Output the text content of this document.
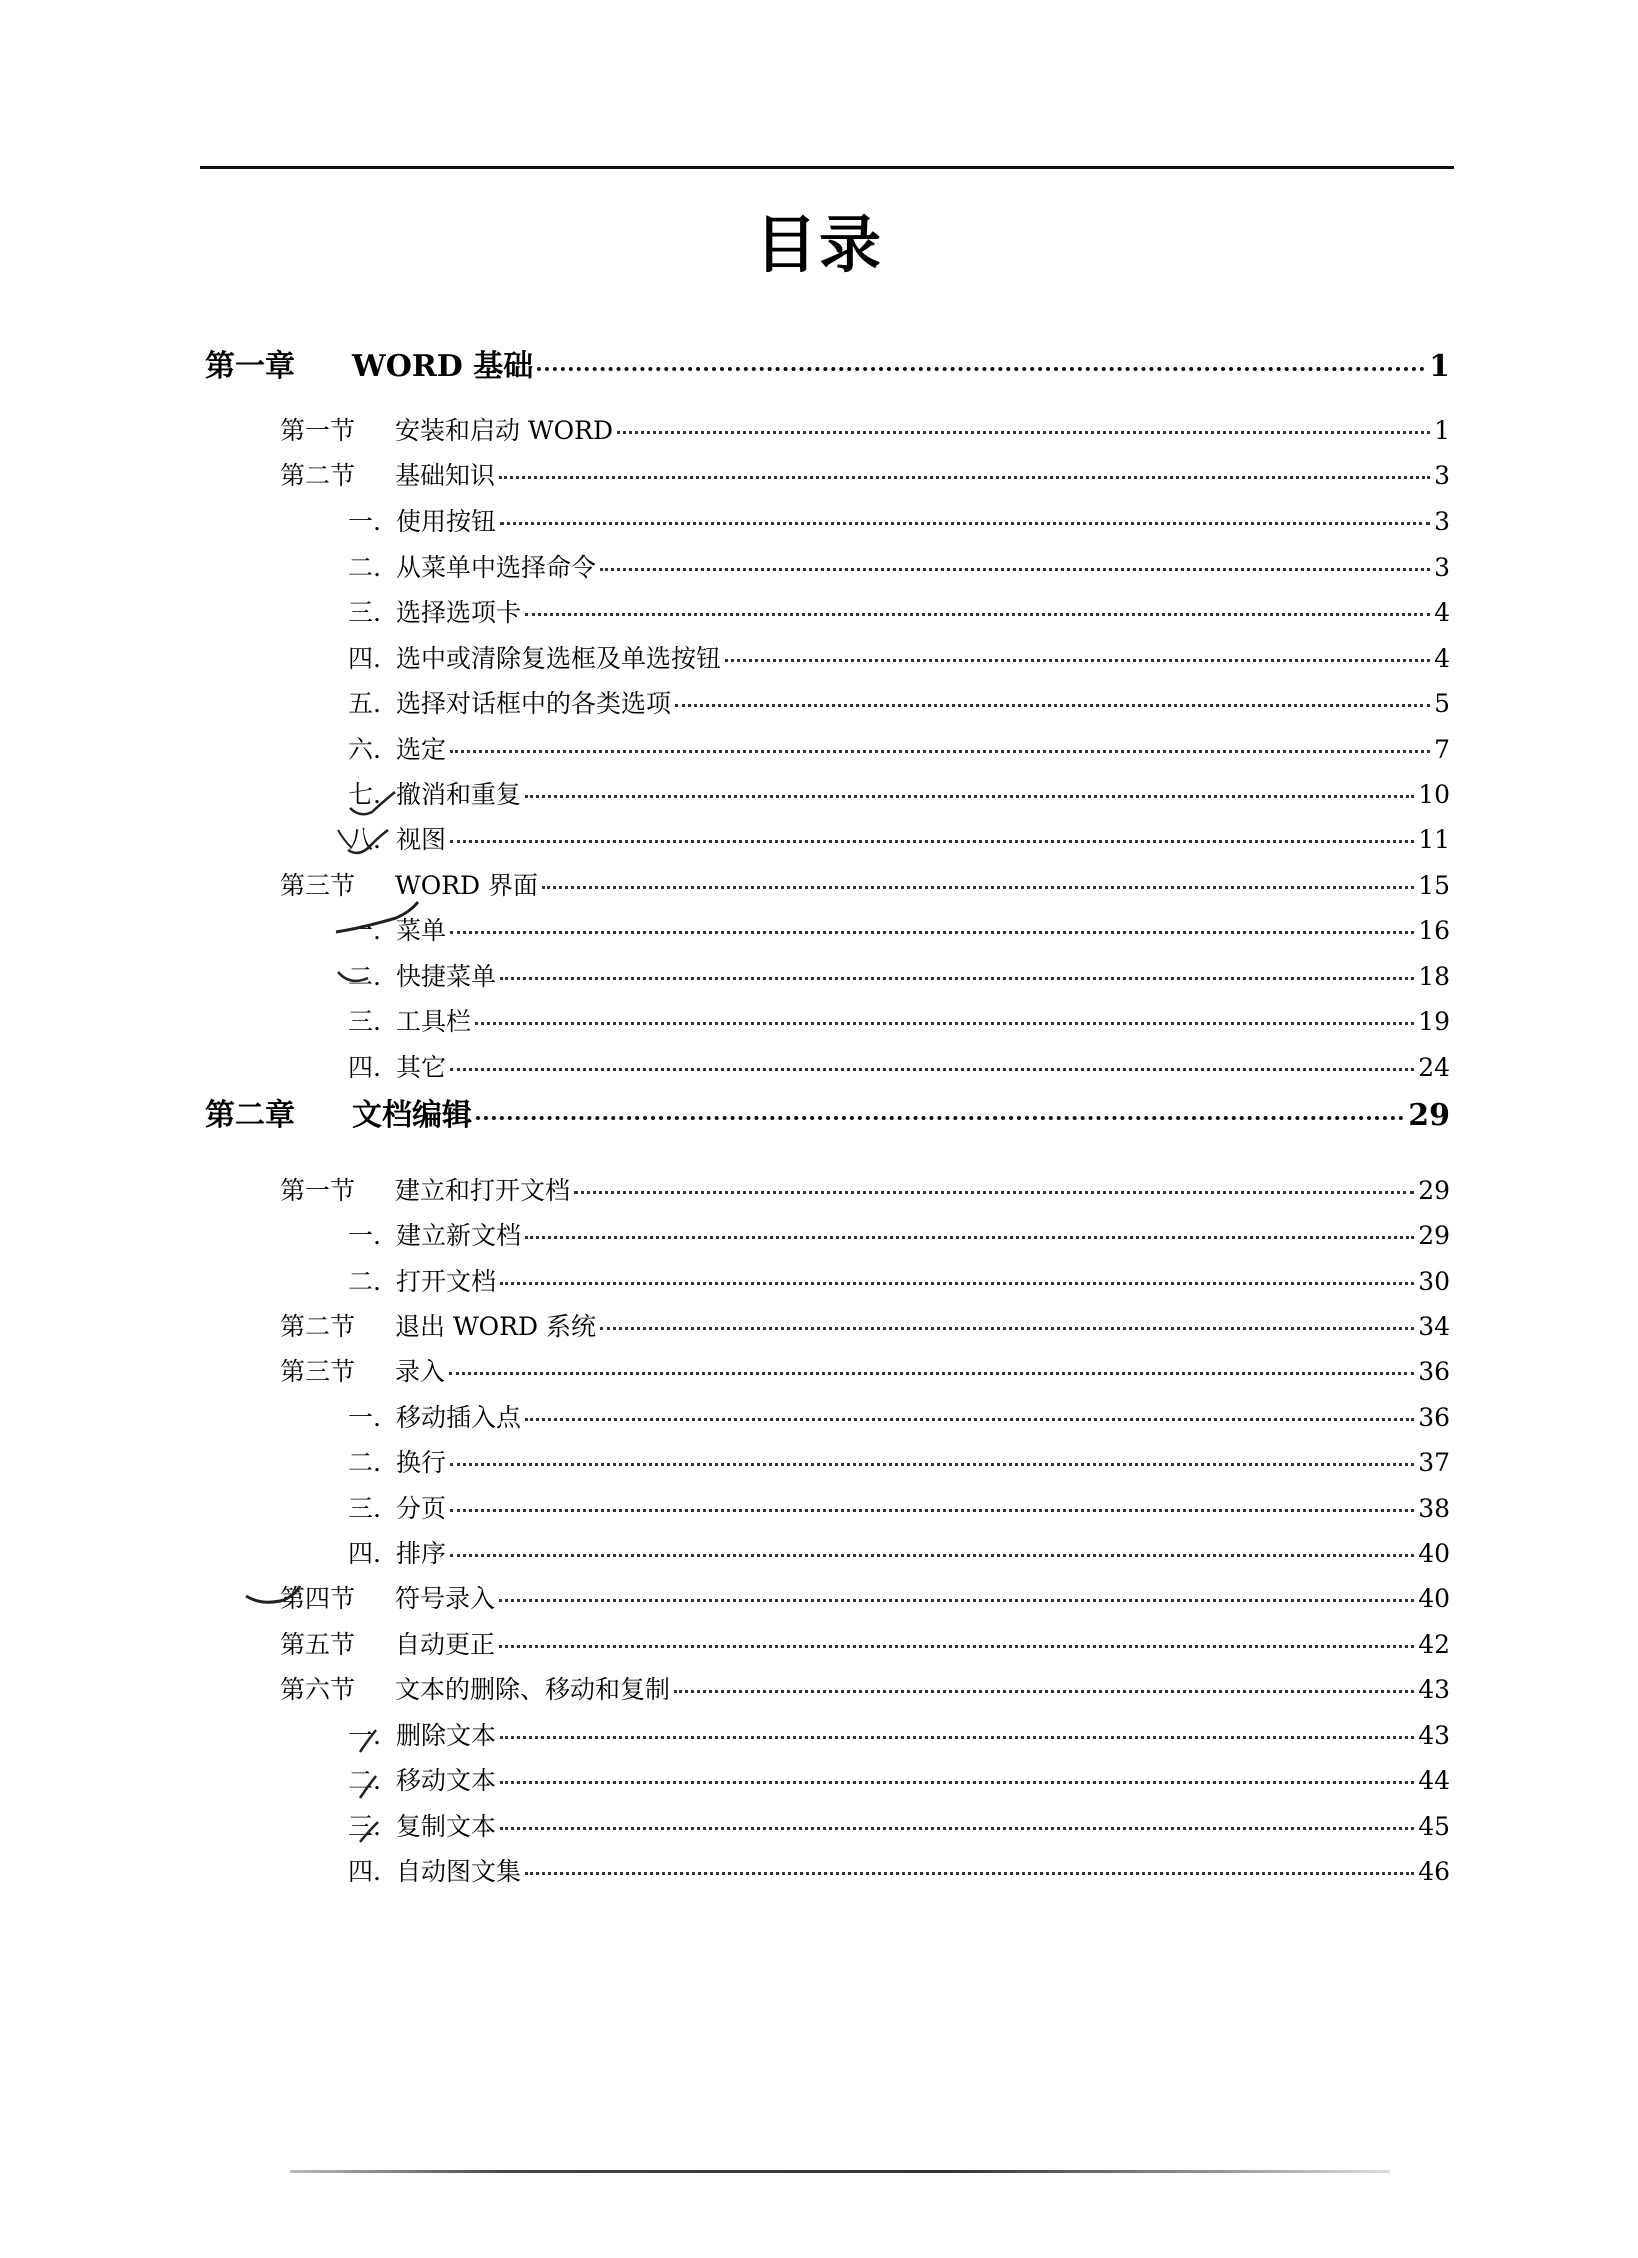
目录
第一章	WORD 基础	1
第一节	安装和启动 WORD	1
第二节	基础知识	3
一. 使用按钮	3
二. 从菜单中选择命令	3
三. 选择选项卡	4
四. 选中或清除复选框及单选按钮	4
五. 选择对话框中的各类选项	5
六. 选定	7
七. 撤消和重复	10
八. 视图	11
第三节	WORD 界面	15
一. 菜单	16
二. 快捷菜单	18
三. 工具栏	19
四. 其它	24
第二章	文档编辑	29
第一节	建立和打开文档	29
一. 建立新文档	29
二. 打开文档	30
第二节	退出 WORD 系统	34
第三节	录入	36
一. 移动插入点	36
二. 换行	37
三. 分页	38
四. 排序	40
第四节	符号录入	40
第五节	自动更正	42
第六节	文本的删除、移动和复制	43
一. 删除文本	43
二. 移动文本	44
三. 复制文本	45
四. 自动图文集	46
